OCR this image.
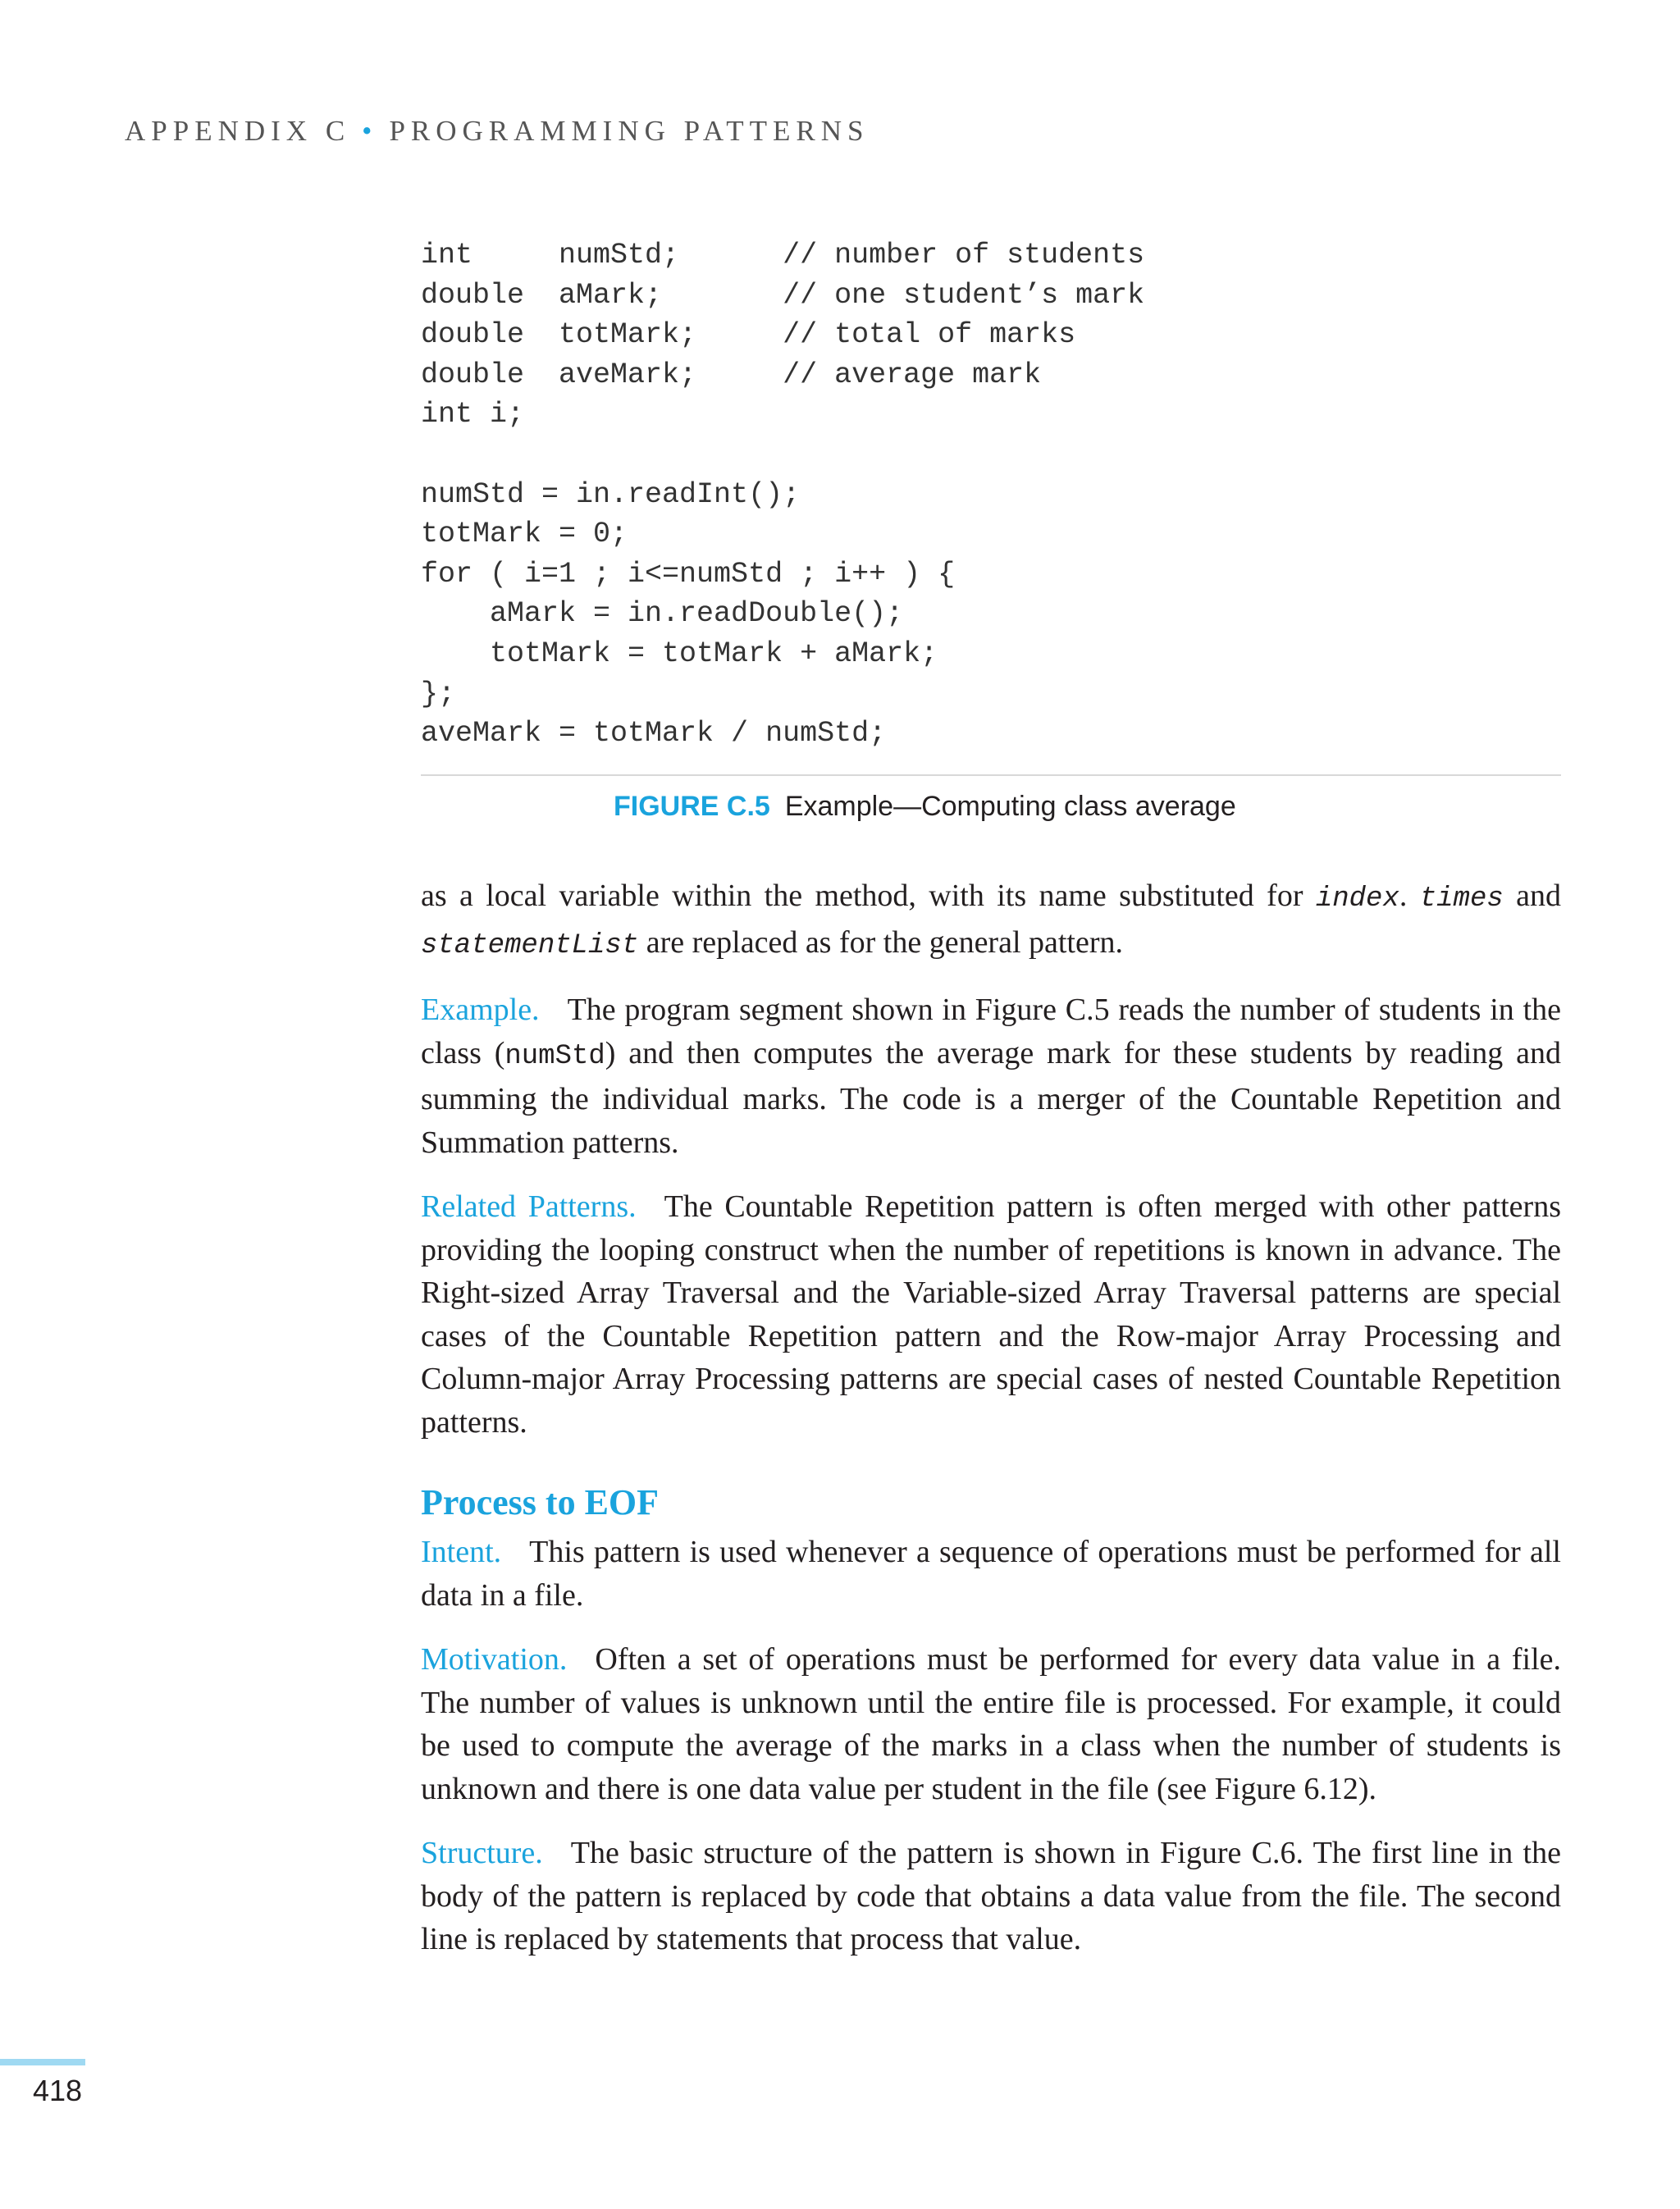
APPENDIX C • PROGRAMMING PATTERNS
int     numStd;      // number of students
double  aMark;       // one student’s mark
double  totMark;     // total of marks
double  aveMark;     // average mark
int i;

numStd = in.readInt();
totMark = 0;
for ( i=1 ; i<=numStd ; i++ ) {
aMark = in.readDouble();
totMark = totMark + aMark;
};
aveMark = totMark / numStd;

FIGURE C.5 Example—Computing class average

as a local variable within the method, with its name substituted for index. times and statementList are replaced as for the general pattern.

Example. The program segment shown in Figure C.5 reads the number of students in the class (numStd) and then computes the average mark for these students by reading and summing the individual marks. The code is a merger of the Countable Repetition and Summation patterns.

Related Patterns. The Countable Repetition pattern is often merged with other patterns providing the looping construct when the number of repetitions is known in advance. The Right-sized Array Traversal and the Variable-sized Array Traversal patterns are special cases of the Countable Repetition pattern and the Row-major Array Processing and Column-major Array Processing patterns are special cases of nested Countable Repetition patterns.

Process to EOF

Intent. This pattern is used whenever a sequence of operations must be performed for all data in a file.

Motivation. Often a set of operations must be performed for every data value in a file. The number of values is unknown until the entire file is processed. For example, it could be used to compute the average of the marks in a class when the number of students is unknown and there is one data value per student in the file (see Figure 6.12).

Structure. The basic structure of the pattern is shown in Figure C.6. The first line in the body of the pattern is replaced by code that obtains a data value from the file. The second line is replaced by statements that process that value.

418
